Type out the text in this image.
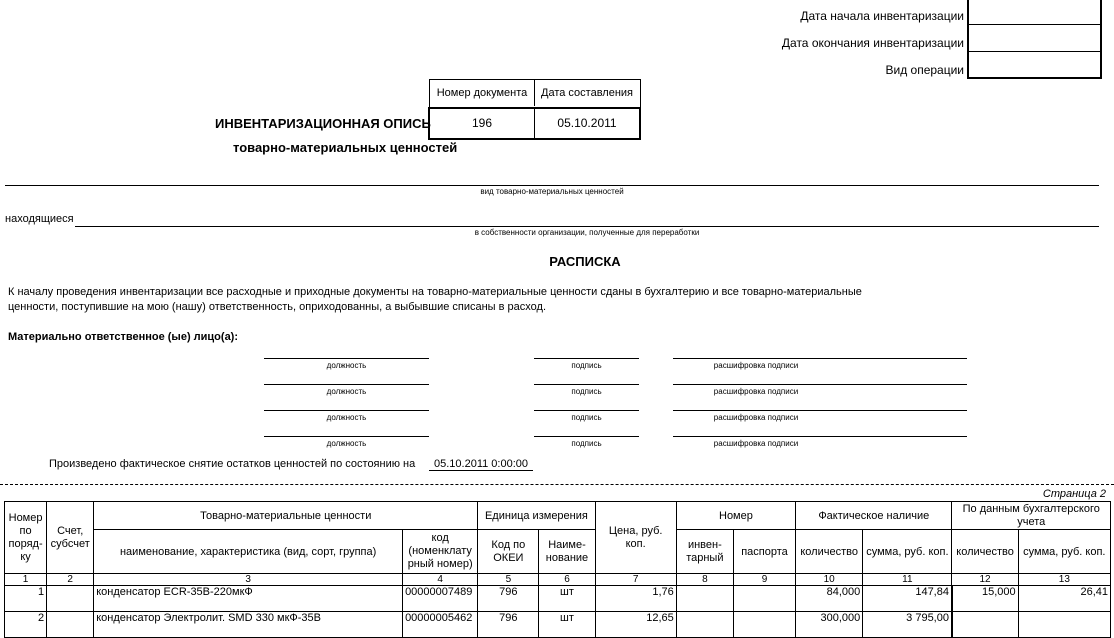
Дата начала инвентаризации
Дата окончания инвентаризации
Вид операции
Номер документа	Дата составления
196	05.10.2011
ИНВЕНТАРИЗАЦИОННАЯ ОПИСЬ
товарно-материальных ценностей
вид товарно-материальных ценностей
находящиеся
в собственности организации, полученные для переработки
РАСПИСКА
К началу проведения инвентаризации все расходные и приходные документы на товарно-материальные ценности сданы в бухгалтерию и все товарно-материальные
ценности, поступившие на мою (нашу) ответственность, оприходованны, а выбывшие списаны в расход.
Материально ответственное (ые) лицо(а):
должность	подпись	расшифровка подписи
должность	подпись	расшифровка подписи
должность	подпись	расшифровка подписи
должность	подпись	расшифровка подписи
Произведено фактическое снятие остатков ценностей по состоянию на	05.10.2011 0:00:00
Страница 2
Номер по поряд-ку	Счет, субсчет	Товарно-материальные ценности		Единица измерения		Цена, руб. коп.	Номер		Фактическое наличие		По данным бухгалтерского учета	
		наименование, характеристика (вид, сорт, группа)	код (номенклату рный номер)	Код по ОКЕИ	Наиме-нование		инвен-тарный	паспорта	количество	сумма, руб. коп.	количество	сумма, руб. коп.
1	2	3	4	5	6	7	8	9	10	11	12	13
1		конденсатор ECR-35В-220мкФ	00000007489	796	шт	1,76			84,000	147,84	15,000	26,41
2		конденсатор Электролит. SMD 330 мкФ-35В	00000005462	796	шт	12,65			300,000	3 795,00		
